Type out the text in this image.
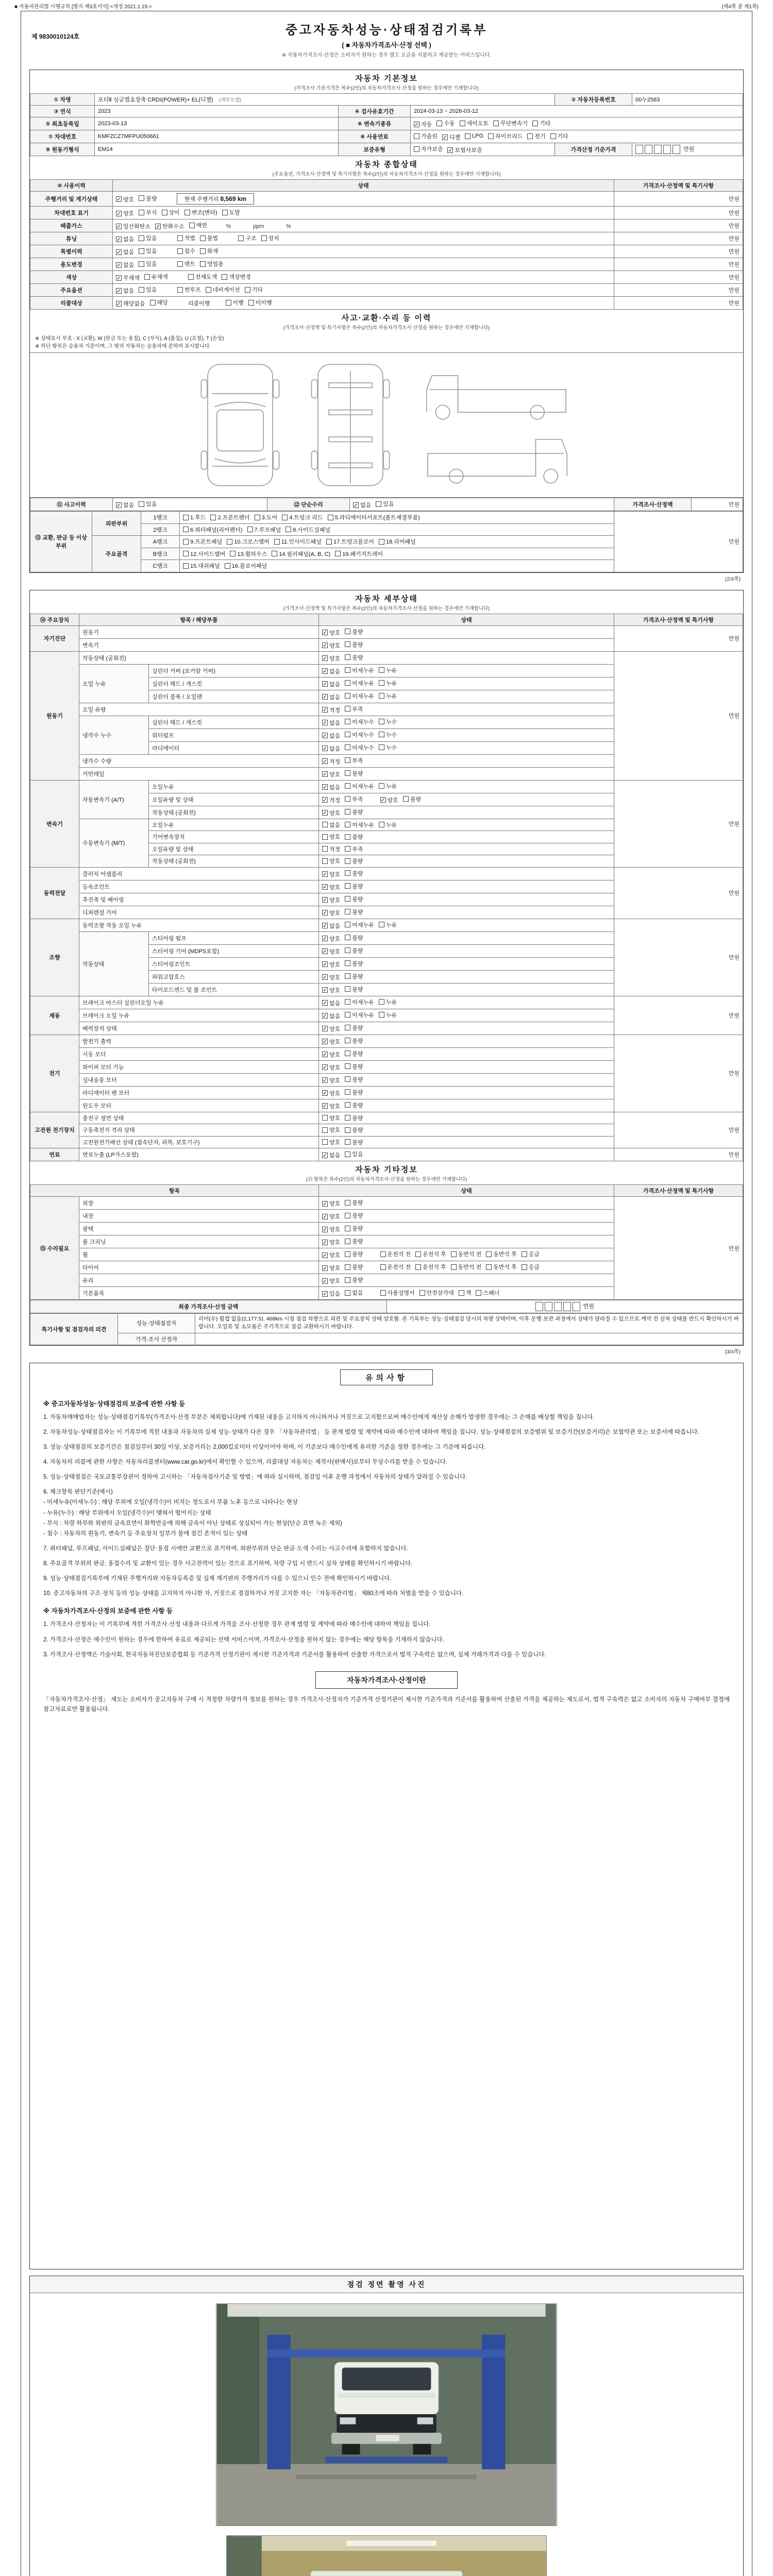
■ 자동차관리법 시행규칙 [별지 제3호서식] <개정 2021.1.19.>	(제4쪽 중 제1쪽)
제 9830010124호	중고자동차성능·상태점검기록부
( ■ 자동차가격조사·산정 선택 )
※ 자동차가격조사·산정은 소비자가 원하는 경우 별도 요금을 지불하고 제공받는 서비스입니다.
자동차 기본정보
(가격조사 기준가격은 복수(2인)의 자동차가격조사·산정을 원하는 경우에만 기재합니다)
① 차명	포터Ⅱ 싱글캡초장축 CRDI(POWER)+ EL(디젤) (세부모델)			② 자동차등록번호	00누2583
③ 연식	2023	④ 검사유효기간	2024-03-13 ~ 2026-03-12		
⑤ 최초등록일	2023-03-13	⑥ 변속기종류	✓ 자동 수동 세미오토 무단변속기 기타

⑦ 차대번호	KMFZCZ7MFPU050661	⑧ 사용연료	가솔린 ✓ 디젤 LPG 하이브리드 전기 기타

⑨ 원동기형식	EM14	보증유형	자가보증 ✓ 보험사보증	가격산정 기준가격	만원
자동차 종합상태
(주요옵션, 가격조사·산정액 및 특기사항은 복수(2인)의 자동차가격조사·산정을 원하는 경우에만 기재합니다)
⑩ 사용이력	상태	가격조사·산정액 및 특기사항
주행거리 및 계기상태	✓ 양호 불량 현재 주행거리 8,569 km	만원
차대번호 표기	✓ 양호 부식 상이 변조(변타) 도말	만원
배출가스	✓ 일산화탄소 ✓ 탄화수소 매연 %              ppm              %	만원
튜닝	✓ 없음 있음
	적법 불법
	구조 장치	만원
특별이력	✓ 없음 있음
침수 화재	만원
용도변경	✓ 없음 있음
렌트 영업용	만원
색상	✓ 무채색 유채색
전체도색 색상변경	만원
주요옵션	✓ 없음 있음
	썬루프 네비게이션 기타	만원
리콜대상	✓ 해당없음 해당	리콜이행	이행 미이행	만원
사고·교환·수리 등 이력
(가격조사·산정액 및 특기사항은 복수(2인)의 자동차가격조사·산정을 원하는 경우에만 기재합니다)
※ 상태표시 부호 : X (교환), W (판금 또는 용접), C (부식), A (흠집), U (요철), T (손상)
※ 하단 항목은 승용차 기준이며, 그 밖의 자동차는 승용차에 준하여 표시합니다.
⑪ 사고이력	✓ 없음 있음	⑫ 단순수리	✓ 없음 있음	가격조사·산정액	만원
⑬ 교환, 판금 등 이상 부위	외판부위	1랭크	1.후드 2.프론트펜더 3.도어 4.트렁크 리드 5.라디에이터서포트(볼트체결부품)	만원
		2랭크	6.쿼터패널(리어펜더) 7.루프패널 8.사이드실패널	

	주요골격	A랭크	9.프론트패널 10.크로스멤버 11.인사이드패널 17.트렁크플로어 18.리어패널	

		B랭크	12.사이드멤버 13.휠하우스 14.필러패널(A, B, C) 19.패키지트레이	

		C랭크	15.대쉬패널 16.플로어패널	
(2/4쪽)
자동차 세부상태
(가격조사·산정액 및 특기사항은 복수(2인)의 자동차가격조사·산정을 원하는 경우에만 기재합니다)
⑭ 주요장치	항목 / 해당부품		상태	가격조사·산정액 및 특기사항
자기진단	원동기		✓ 양호 불량	만원
	변속기		✓ 양호 불량	

원동기	작동상태 (공회전)		✓ 양호 불량	만원
	오일 누유	실린더 커버 (로커암 커버)	✓ 없음 미세누유 누유	

		실린더 헤드 / 개스킷	✓ 없음 미세누유 누유	

		실린더 블록 / 오일팬	✓ 없음 미세누유 누유	

	오일 유량		✓ 적정 부족	

	냉각수 누수	실린더 헤드 / 개스킷	✓ 없음 미세누수 누수	

		워터펌프	✓ 없음 미세누수 누수	

		라디에이터	✓ 없음 미세누수 누수	

	냉각수 수량		✓ 적정 부족	

	커먼레일		✓ 양호 불량	

변속기	자동변속기 (A/T)	오일누유	✓ 없음 미세누유 누유	만원
오일유량 및 상태	✓ 적정 부족	✓ 양호 불량

		작동상태 (공회전)	✓ 양호 불량	

	수동변속기 (M/T)	오일누유	없음 미세누유 누유	

		기어변속장치	양호 불량	

		오일유량 및 상태	적정 부족	

		작동상태 (공회전)	양호 불량	

동력전달	클러치 어셈블리		✓ 양호 불량	만원
	등속조인트		✓ 양호 불량	

	추진축 및 베어링		✓ 양호 불량	

	디퍼렌셜 기어		✓ 양호 불량	

조향	동력조향 작동 오일 누유		✓ 없음 미세누유 누유	만원
	작동상태	스티어링 펌프	✓ 양호 불량	

		스티어링 기어 (MDPS포함)	✓ 양호 불량	

		스티어링조인트	✓ 양호 불량	

		파워고압호스	✓ 양호 불량	

		타이로드엔드 및 볼 조인트	✓ 양호 불량	

제동	브레이크 마스터 실린더오일 누유		✓ 없음 미세누유 누유	만원
	브레이크 오일 누유		✓ 없음 미세누유 누유	

	배력장치 상태		✓ 양호 불량	

전기	발전기 출력		✓ 양호 불량	만원
	시동 모터		✓ 양호 불량	

	와이퍼 모터 기능		✓ 양호 불량	

	실내송풍 모터		✓ 양호 불량	

	라디에이터 팬 모터		✓ 양호 불량	

	윈도우 모터		✓ 양호 불량	

고전원 전기장치	충전구 절연 상태		양호 불량	만원
	구동축전지 격리 상태		양호 불량	

	고전원전기배선 상태 (접속단자, 피복, 보호기구)		양호 불량	

연료	연료누출 (LP가스포함)		✓ 없음 있음	만원
자동차 기타정보
(⑮ 항목은 복수(2인)의 자동차가격조사·산정을 원하는 경우에만 기재합니다)
항목		상태	가격조사·산정액 및 특기사항
⑮ 수리필요	외장	✓ 양호 불량	만원
	내장	✓ 양호 불량	

	광택	✓ 양호 불량	

	룸 크리닝	✓ 양호 불량	

휠	✓ 양호 불량	운전석 전 운전석 후 동반석 전 동반석 후 응급

타이어	✓ 양호 불량	운전석 전 운전석 후 동반석 전 동반석 후 응급

	유리	✓ 양호 불량	

기본품목	✓ 있음 없음	사용설명서 안전삼각대 잭 스패너
최종 가격조사·산정 금액	만원
특기사항 및 점검자의 의견	성능·상태점검자	리어(우) 휠캡 없음(2,177.5). 468km 시점 점검 차량으로 외관 및 주요장치 상태 양호함. 본 기록부는 성능·상태점검 당시의 차량 상태이며, 이후 운행·보관 과정에서 상태가 달라질 수 있으므로 계약 전 실차 상태를 반드시 확인하시기 바랍니다. 오일류 및 소모품은 주기적으로 점검·교환하시기 바랍니다.
	가격·조사 산정자	
(3/4쪽)
유의사항
※ 중고자동차성능·상태점검의 보증에 관한 사항 등
1. 자동차매매업자는 성능·상태점검기록부(가격조사·산정 부분은 제외합니다)에 기재된 내용을 고지하지 아니하거나 거짓으로 고지함으로써 매수인에게 재산상 손해가 발생한 경우에는 그 손해를 배상할 책임을 집니다.
2. 자동차성능·상태점검자는 이 기록부에 적힌 내용과 자동차의 실제 성능·상태가 다른 경우 「자동차관리법」 등 관계 법령 및 계약에 따라 매수인에 대하여 책임을 집니다. 성능·상태점검의 보증범위 및 보증기간(보증거리)은 보험약관 또는 보증서에 따릅니다.
3. 성능·상태점검의 보증기간은 점검일부터 30일 이상, 보증거리는 2,000킬로미터 이상이어야 하며, 이 기준보다 매수인에게 유리한 기준을 정한 경우에는 그 기준에 따릅니다.
4. 자동차의 리콜에 관한 사항은 자동차리콜센터(www.car.go.kr)에서 확인할 수 있으며, 리콜대상 자동차는 제작사(판매사)로부터 무상수리를 받을 수 있습니다.
5. 성능·상태점검은 국토교통부장관이 정하여 고시하는 「자동차검사기준 및 방법」에 따라 실시하며, 점검일 이후 운행 과정에서 자동차의 상태가 달라질 수 있습니다.
6. 체크항목 판단기준(예시)
- 미세누유(미세누수) : 해당 부위에 오일(냉각수)이 비치는 정도로서 부품 노후 등으로 나타나는 현상
- 누유(누수) : 해당 부위에서 오일(냉각수)이 맺혀서 떨어지는 상태
- 부식 : 차량 하부와 외판의 금속표면이 화학반응에 의해 금속이 아닌 상태로 상실되어 가는 현상(단순 표면 녹은 제외)
- 침수 : 자동차의 원동기, 변속기 등 주요장치 일부가 물에 잠긴 흔적이 있는 상태
7. 쿼터패널, 루프패널, 사이드실패널은 절단·용접 시에만 교환으로 표기하며, 외판부위의 단순 판금·도색 수리는 사고수리에 포함하지 않습니다.
8. 주요골격 부위의 판금, 용접수리 및 교환이 있는 경우 사고전력이 있는 것으로 표기하며, 차량 구입 시 반드시 실차 상태를 확인하시기 바랍니다.
9. 성능·상태점검기록부에 기재된 주행거리와 자동차등록증 및 실제 계기판의 주행거리가 다를 수 있으니 인수 전에 확인하시기 바랍니다.
10. 중고자동차의 구조·장치 등의 성능·상태를 고지하지 아니한 자, 거짓으로 점검하거나 거짓 고지한 자는 「자동차관리법」 제80조에 따라 처벌을 받을 수 있습니다.
※ 자동차가격조사·산정의 보증에 관한 사항 등
1. 가격조사·산정자는 이 기록부에 적힌 가격조사·산정 내용과 다르게 가격을 조사·산정한 경우 관계 법령 및 계약에 따라 매수인에 대하여 책임을 집니다.
2. 가격조사·산정은 매수인이 원하는 경우에 한하여 유료로 제공되는 선택 서비스이며, 가격조사·산정을 원하지 않는 경우에는 해당 항목을 기재하지 않습니다.
3. 가격조사·산정액은 기술사회, 한국자동차진단보증협회 등 기준가격 산정기관이 제시한 기준가격과 기준서를 활용하여 산출한 가격으로서 법적 구속력은 없으며, 실제 거래가격과 다를 수 있습니다.
자동차가격조사·산정이란
「자동차가격조사·산정」 제도는 소비자가 중고자동차 구매 시 적정한 차량가격 정보를 원하는 경우 가격조사·산정자가 기준가격 산정기관이 제시한 기준가격과 기준서를 활용하여 산출된 가격을 제공하는 제도로서, 법적 구속력은 없고 소비자의 자동차 구매여부 결정에 참고자료로만 활용됩니다.
점검 정면 촬영 사진
